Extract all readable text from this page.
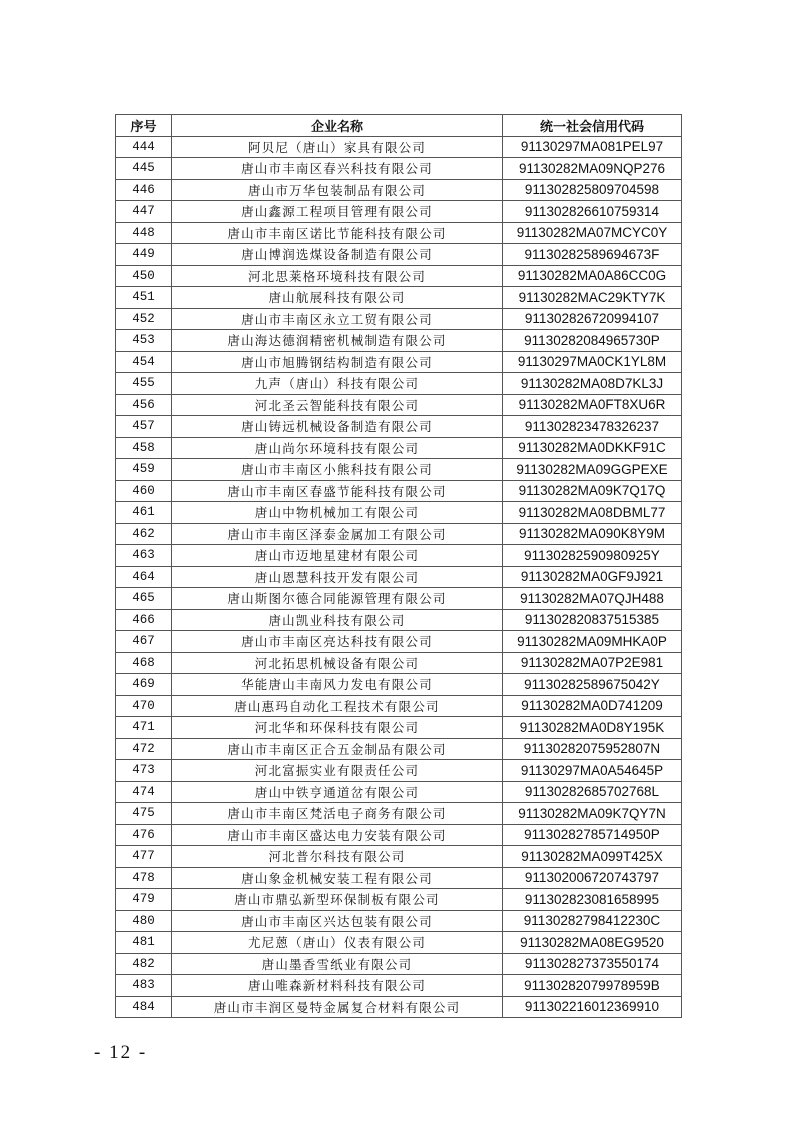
序号	企业名称	统一社会信用代码
444	阿贝尼（唐山）家具有限公司	91130297MA081PEL97
445	唐山市丰南区春兴科技有限公司	91130282MA09NQP276
446	唐山市万华包装制品有限公司	911302825809704598
447	唐山鑫源工程项目管理有限公司	911302826610759314
448	唐山市丰南区诺比节能科技有限公司	91130282MA07MCYC0Y
449	唐山博润选煤设备制造有限公司	91130282589694673F
450	河北思莱格环境科技有限公司	91130282MA0A86CC0G
451	唐山航展科技有限公司	91130282MAC29KTY7K
452	唐山市丰南区永立工贸有限公司	911302826720994107
453	唐山海达德润精密机械制造有限公司	91130282084965730P
454	唐山市旭腾钢结构制造有限公司	91130297MA0CK1YL8M
455	九声（唐山）科技有限公司	91130282MA08D7KL3J
456	河北圣云智能科技有限公司	91130282MA0FT8XU6R
457	唐山铸远机械设备制造有限公司	911302823478326237
458	唐山尚尔环境科技有限公司	91130282MA0DKKF91C
459	唐山市丰南区小熊科技有限公司	91130282MA09GGPEXE
460	唐山市丰南区春盛节能科技有限公司	91130282MA09K7Q17Q
461	唐山中物机械加工有限公司	91130282MA08DBML77
462	唐山市丰南区泽泰金属加工有限公司	91130282MA090K8Y9M
463	唐山市迈地星建材有限公司	91130282590980925Y
464	唐山恩慧科技开发有限公司	91130282MA0GF9J921
465	唐山斯图尔德合同能源管理有限公司	91130282MA07QJH488
466	唐山凯业科技有限公司	911302820837515385
467	唐山市丰南区亮达科技有限公司	91130282MA09MHKA0P
468	河北拓思机械设备有限公司	91130282MA07P2E981
469	华能唐山丰南风力发电有限公司	91130282589675042Y
470	唐山惠玛自动化工程技术有限公司	91130282MA0D741209
471	河北华和环保科技有限公司	91130282MA0D8Y195K
472	唐山市丰南区正合五金制品有限公司	91130282075952807N
473	河北富振实业有限责任公司	91130297MA0A54645P
474	唐山中铁亨通道岔有限公司	91130282685702768L
475	唐山市丰南区梵活电子商务有限公司	91130282MA09K7QY7N
476	唐山市丰南区盛达电力安装有限公司	91130282785714950P
477	河北普尔科技有限公司	91130282MA099T425X
478	唐山象金机械安装工程有限公司	911302006720743797
479	唐山市鼎弘新型环保制板有限公司	911302823081658995
480	唐山市丰南区兴达包装有限公司	91130282798412230C
481	尤尼蒽（唐山）仪表有限公司	91130282MA08EG9520
482	唐山墨香雪纸业有限公司	911302827373550174
483	唐山唯森新材料科技有限公司	91130282079978959B
484	唐山市丰润区曼特金属复合材料有限公司	911302216012369910
- 12 -
